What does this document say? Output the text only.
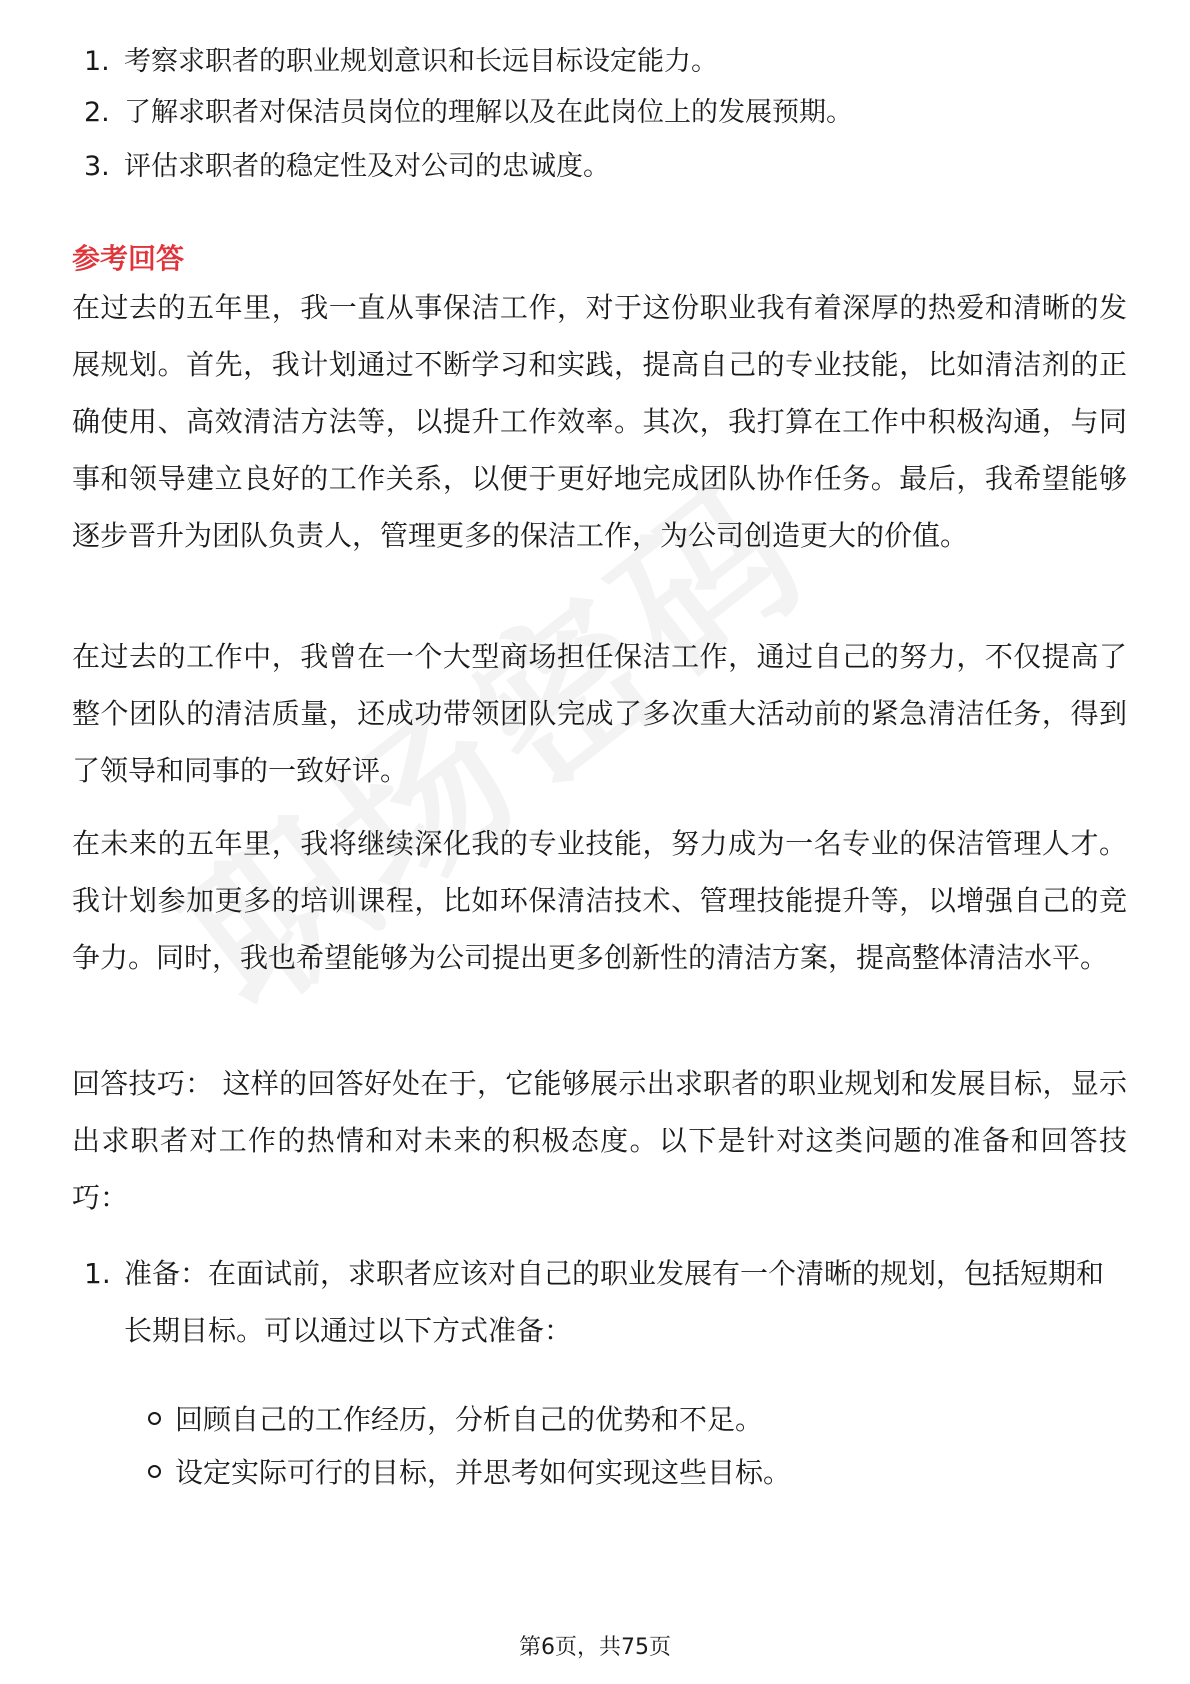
1. 考察求职者的职业规划意识和长远目标设定能力。
2. 了解求职者对保洁员岗位的理解以及在此岗位上的发展预期。
3. 评估求职者的稳定性及对公司的忠诚度。
参考回答
在过去的五年里，我一直从事保洁工作，对于这份职业我有着深厚的热爱和清晰的发展规划。首先，我计划通过不断学习和实践，提高自己的专业技能，比如清洁剂的正确使用、高效清洁方法等，以提升工作效率。其次，我打算在工作中积极沟通，与同事和领导建立良好的工作关系，以便于更好地完成团队协作任务。最后，我希望能够逐步晋升为团队负责人，管理更多的保洁工作，为公司创造更大的价值。
在过去的工作中，我曾在一个大型商场担任保洁工作，通过自己的努力，不仅提高了整个团队的清洁质量，还成功带领团队完成了多次重大活动前的紧急清洁任务，得到了领导和同事的一致好评。
在未来的五年里，我将继续深化我的专业技能，努力成为一名专业的保洁管理人才。我计划参加更多的培训课程，比如环保清洁技术、管理技能提升等，以增强自己的竞争力。同时，我也希望能够为公司提出更多创新性的清洁方案，提高整体清洁水平。
回答技巧： 这样的回答好处在于，它能够展示出求职者的职业规划和发展目标，显示出求职者对工作的热情和对未来的积极态度。以下是针对这类问题的准备和回答技巧：
1. 准备：在面试前，求职者应该对自己的职业发展有一个清晰的规划，包括短期和长期目标。可以通过以下方式准备：
回顾自己的工作经历，分析自己的优势和不足。
设定实际可行的目标，并思考如何实现这些目标。
第6页，共75页
